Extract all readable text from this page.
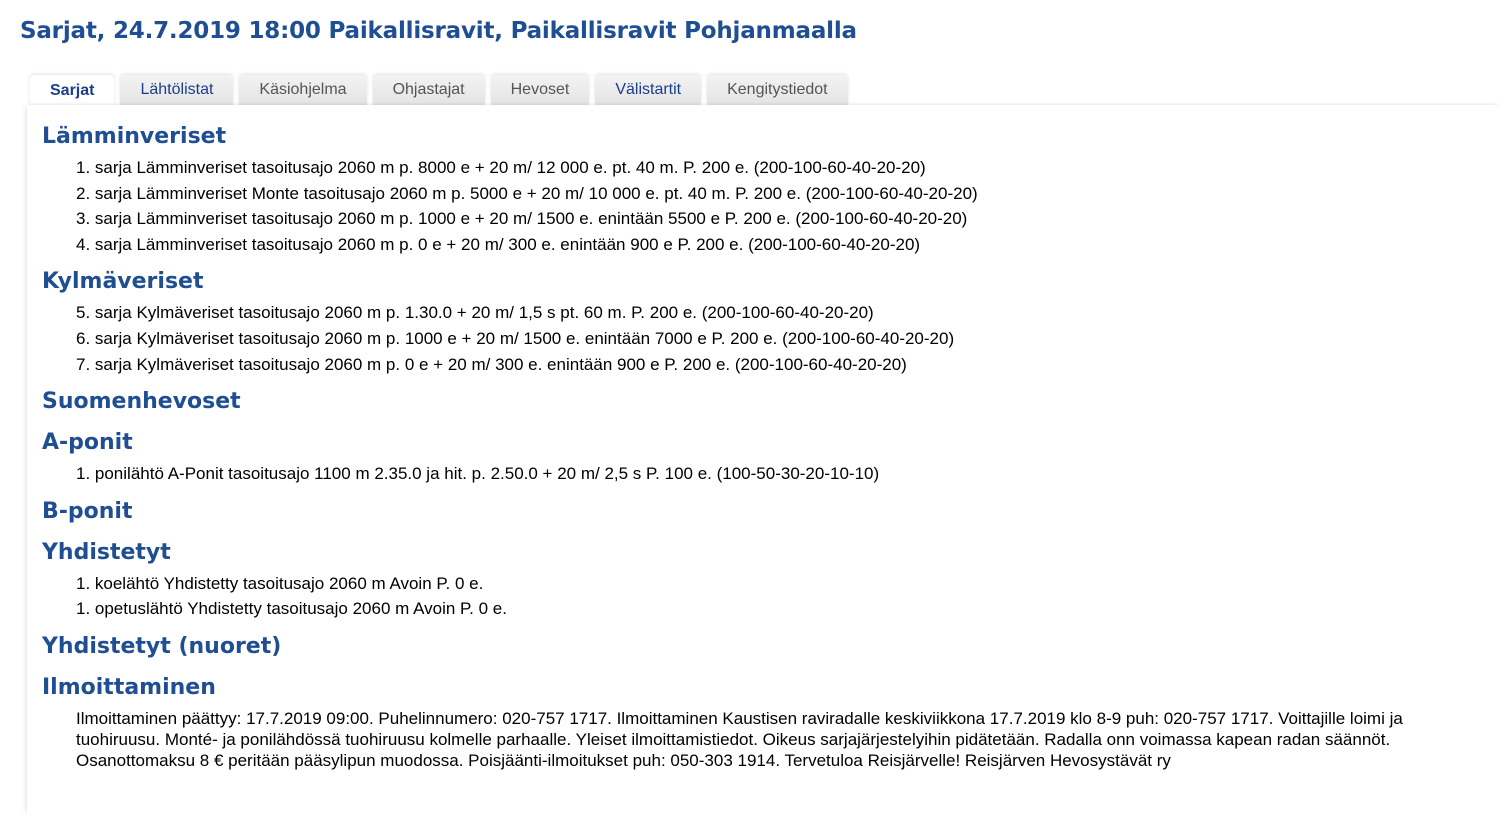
Sarjat, 24.7.2019 18:00 Paikallisravit, Paikallisravit Pohjanmaalla
Sarjat	Lähtölistat	Käsiohjelma	Ohjastajat	Hevoset	Välistartit	Kengitystiedot
Lämminveriset
1. sarja Lämminveriset tasoitusajo 2060 m p. 8000 e + 20 m/ 12 000 e. pt. 40 m. P. 200 e. (200-100-60-40-20-20)
2. sarja Lämminveriset Monte tasoitusajo 2060 m p. 5000 e + 20 m/ 10 000 e. pt. 40 m. P. 200 e. (200-100-60-40-20-20)
3. sarja Lämminveriset tasoitusajo 2060 m p. 1000 e + 20 m/ 1500 e. enintään 5500 e P. 200 e. (200-100-60-40-20-20)
4. sarja Lämminveriset tasoitusajo 2060 m p. 0 e + 20 m/ 300 e. enintään 900 e P. 200 e. (200-100-60-40-20-20)
Kylmäveriset
5. sarja Kylmäveriset tasoitusajo 2060 m p. 1.30.0 + 20 m/ 1,5 s pt. 60 m. P. 200 e. (200-100-60-40-20-20)
6. sarja Kylmäveriset tasoitusajo 2060 m p. 1000 e + 20 m/ 1500 e. enintään 7000 e P. 200 e. (200-100-60-40-20-20)
7. sarja Kylmäveriset tasoitusajo 2060 m p. 0 e + 20 m/ 300 e. enintään 900 e P. 200 e. (200-100-60-40-20-20)
Suomenhevoset
A-ponit
1. ponilähtö A-Ponit tasoitusajo 1100 m 2.35.0 ja hit. p. 2.50.0 + 20 m/ 2,5 s P. 100 e. (100-50-30-20-10-10)
B-ponit
Yhdistetyt
1. koelähtö Yhdistetty tasoitusajo 2060 m Avoin P. 0 e.
1. opetuslähtö Yhdistetty tasoitusajo 2060 m Avoin P. 0 e.
Yhdistetyt (nuoret)
Ilmoittaminen

Ilmoittaminen päättyy: 17.7.2019 09:00. Puhelinnumero: 020-757 1717. Ilmoittaminen Kaustisen raviradalle keskiviikkona 17.7.2019 klo 8-9 puh: 020-757 1717. Voittajille loimi ja tuohiruusu. Monté- ja ponilähdössä tuohiruusu kolmelle parhaalle. Yleiset ilmoittamistiedot. Oikeus sarjajärjestelyihin pidätetään. Radalla onn voimassa kapean radan säännöt. Osanottomaksu 8 € peritään pääsylipun muodossa. Poisjäänti-ilmoitukset puh: 050-303 1914. Tervetuloa Reisjärvelle! Reisjärven Hevosystävät ry
